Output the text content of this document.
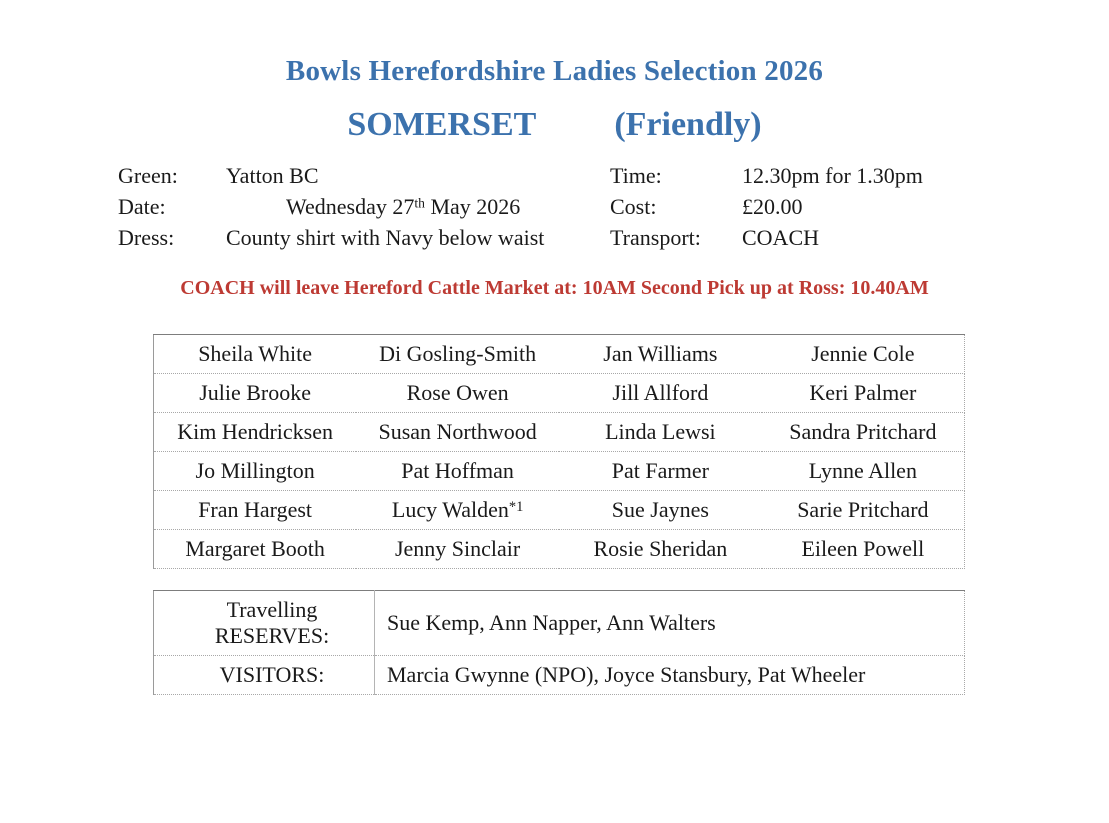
Bowls Herefordshire Ladies Selection 2026
SOMERSET (Friendly)
Green: Yatton BC	Time:	12.30pm for 1.30pm
Date:	Wednesday 27th May 2026	Cost:	£20.00
Dress: County shirt with Navy below waist	Transport: COACH
COACH will leave Hereford Cattle Market at: 10AM Second Pick up at Ross: 10.40AM
Sheila White	Di Gosling-Smith	Jan Williams	Jennie Cole
Julie Brooke	Rose Owen	Jill Allford	Keri Palmer
Kim Hendricksen	Susan Northwood	Linda Lewsi	Sandra Pritchard
Jo Millington	Pat Hoffman	Pat Farmer	Lynne Allen
Fran Hargest	Lucy Walden$^{*1}$	Sue Jaynes	Sarie Pritchard
Margaret Booth	Jenny Sinclair	Rosie Sheridan	Eileen Powell
Travelling
RESERVES:	Sue Kemp, Ann Napper, Ann Walters
VISITORS:	Marcia Gwynne (NPO), Joyce Stansbury, Pat Wheeler
